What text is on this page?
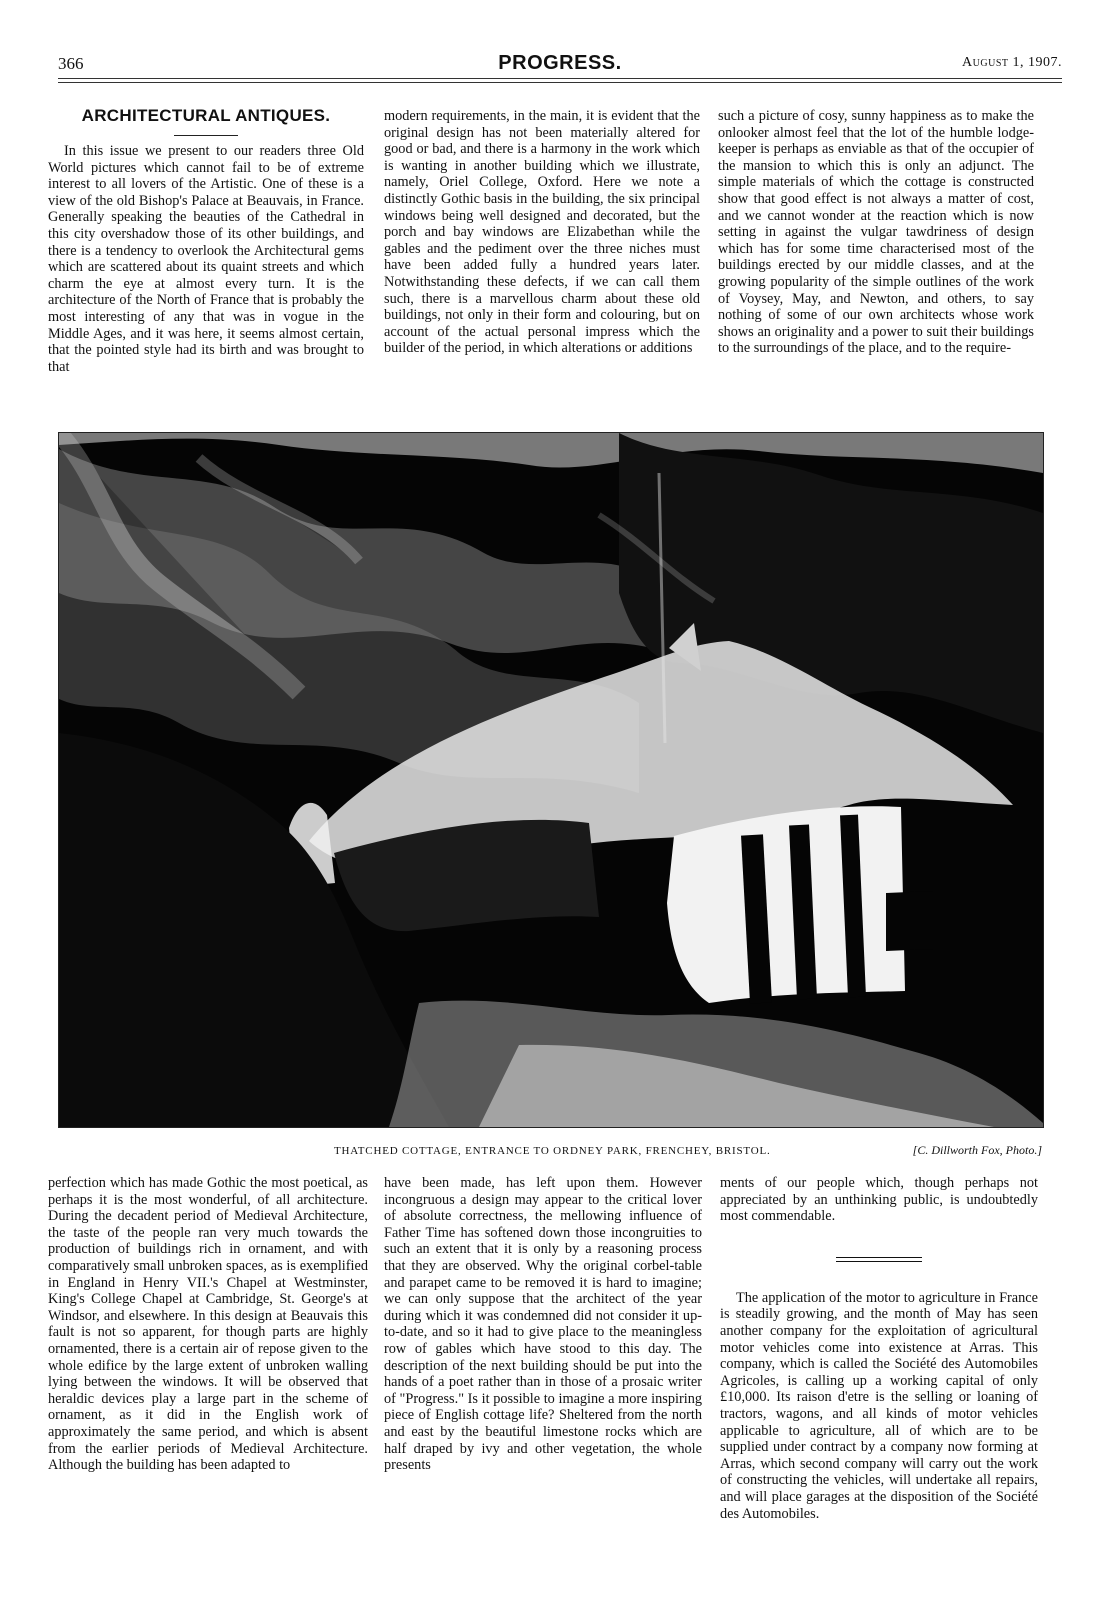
366	PROGRESS.	August 1, 1907.
ARCHITECTURAL ANTIQUES.

In this issue we present to our readers three Old World pictures which cannot fail to be of extreme interest to all lovers of the Artistic. One of these is a view of the old Bishop's Palace at Beauvais, in France. Generally speaking the beauties of the Cathedral in this city overshadow those of its other buildings, and there is a tendency to overlook the Architectural gems which are scattered about its quaint streets and which charm the eye at almost every turn. It is the architecture of the North of France that is probably the most interesting of any that was in vogue in the Middle Ages, and it was here, it seems almost certain, that the pointed style had its birth and was brought to that

modern requirements, in the main, it is evident that the original design has not been materially altered for good or bad, and there is a harmony in the work which is wanting in another building which we illustrate, namely, Oriel College, Oxford. Here we note a distinctly Gothic basis in the building, the six principal windows being well designed and decorated, but the porch and bay windows are Elizabethan while the gables and the pediment over the three niches must have been added fully a hundred years later. Notwithstanding these defects, if we can call them such, there is a marvellous charm about these old buildings, not only in their form and colouring, but on account of the actual personal impress which the builder of the period, in which alterations or additions

such a picture of cosy, sunny happiness as to make the onlooker almost feel that the lot of the humble lodge-keeper is perhaps as enviable as that of the occupier of the mansion to which this is only an adjunct. The simple materials of which the cottage is constructed show that good effect is not always a matter of cost, and we cannot wonder at the reaction which is now setting in against the vulgar tawdriness of design which has for some time characterised most of the buildings erected by our middle classes, and at the growing popularity of the simple outlines of the work of Voysey, May, and Newton, and others, to say nothing of some of our own architects whose work shows an originality and a power to suit their buildings to the surroundings of the place, and to the require-

THATCHED COTTAGE, ENTRANCE TO ORDNEY PARK, FRENCHEY, BRISTOL.	[C. Dillworth Fox, Photo.]

perfection which has made Gothic the most poetical, as perhaps it is the most wonderful, of all architecture. During the decadent period of Medieval Architecture, the taste of the people ran very much towards the production of buildings rich in ornament, and with comparatively small unbroken spaces, as is exemplified in England in Henry VII.'s Chapel at Westminster, King's College Chapel at Cambridge, St. George's at Windsor, and elsewhere. In this design at Beauvais this fault is not so apparent, for though parts are highly ornamented, there is a certain air of repose given to the whole edifice by the large extent of unbroken walling lying between the windows. It will be observed that heraldic devices play a large part in the scheme of ornament, as it did in the English work of approximately the same period, and which is absent from the earlier periods of Medieval Architecture. Although the building has been adapted to

have been made, has left upon them. However incongruous a design may appear to the critical lover of absolute correctness, the mellowing influence of Father Time has softened down those incongruities to such an extent that it is only by a reasoning process that they are observed. Why the original corbel-table and parapet came to be removed it is hard to imagine; we can only suppose that the architect of the year during which it was condemned did not consider it up-to-date, and so it had to give place to the meaningless row of gables which have stood to this day. The description of the next building should be put into the hands of a poet rather than in those of a prosaic writer of "Progress." Is it possible to imagine a more inspiring piece of English cottage life? Sheltered from the north and east by the beautiful limestone rocks which are half draped by ivy and other vegetation, the whole presents

ments of our people which, though perhaps not appreciated by an unthinking public, is undoubtedly most commendable.

The application of the motor to agriculture in France is steadily growing, and the month of May has seen another company for the exploitation of agricultural motor vehicles come into existence at Arras. This company, which is called the Société des Automobiles Agricoles, is calling up a working capital of only £10,000. Its raison d'etre is the selling or loaning of tractors, wagons, and all kinds of motor vehicles applicable to agriculture, all of which are to be supplied under contract by a company now forming at Arras, which second company will carry out the work of constructing the vehicles, will undertake all repairs, and will place garages at the disposition of the Société des Automobiles.
